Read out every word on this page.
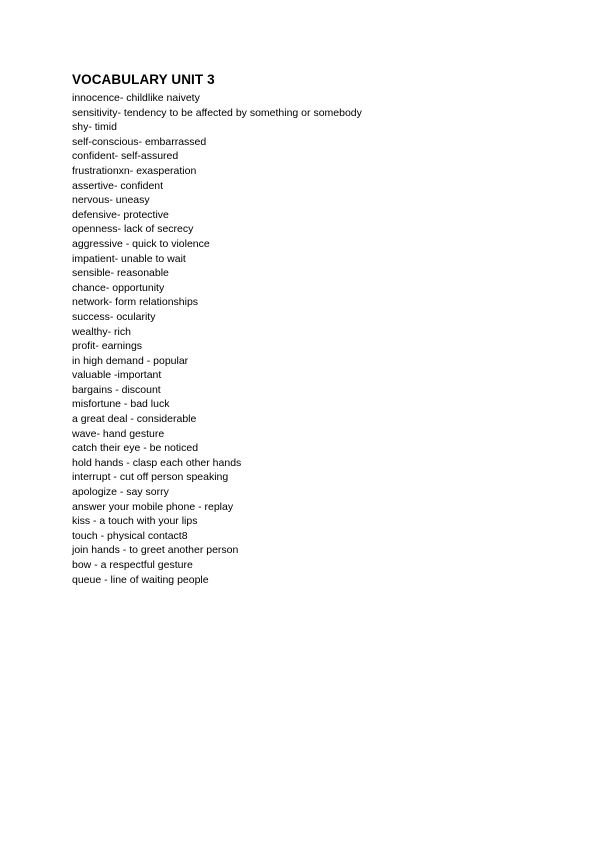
VOCABULARY UNIT 3
innocence- childlike naivety
sensitivity- tendency to be affected by something or somebody
shy- timid
self-conscious- embarrassed
confident- self-assured
frustrationxn- exasperation
assertive- confident
nervous- uneasy
defensive- protective
openness- lack of secrecy
aggressive - quick to violence
impatient- unable to wait
sensible- reasonable
chance- opportunity
network- form relationships
success- ocularity
wealthy- rich
profit- earnings
in high demand - popular
valuable -important
bargains - discount
misfortune - bad luck
a great deal - considerable
wave- hand gesture
catch their eye - be noticed
hold hands - clasp each other hands
interrupt - cut off person speaking
apologize - say sorry
answer your mobile phone - replay
kiss - a touch with your lips
touch - physical contact8
join hands - to greet another person
bow - a respectful gesture
queue - line of waiting people
